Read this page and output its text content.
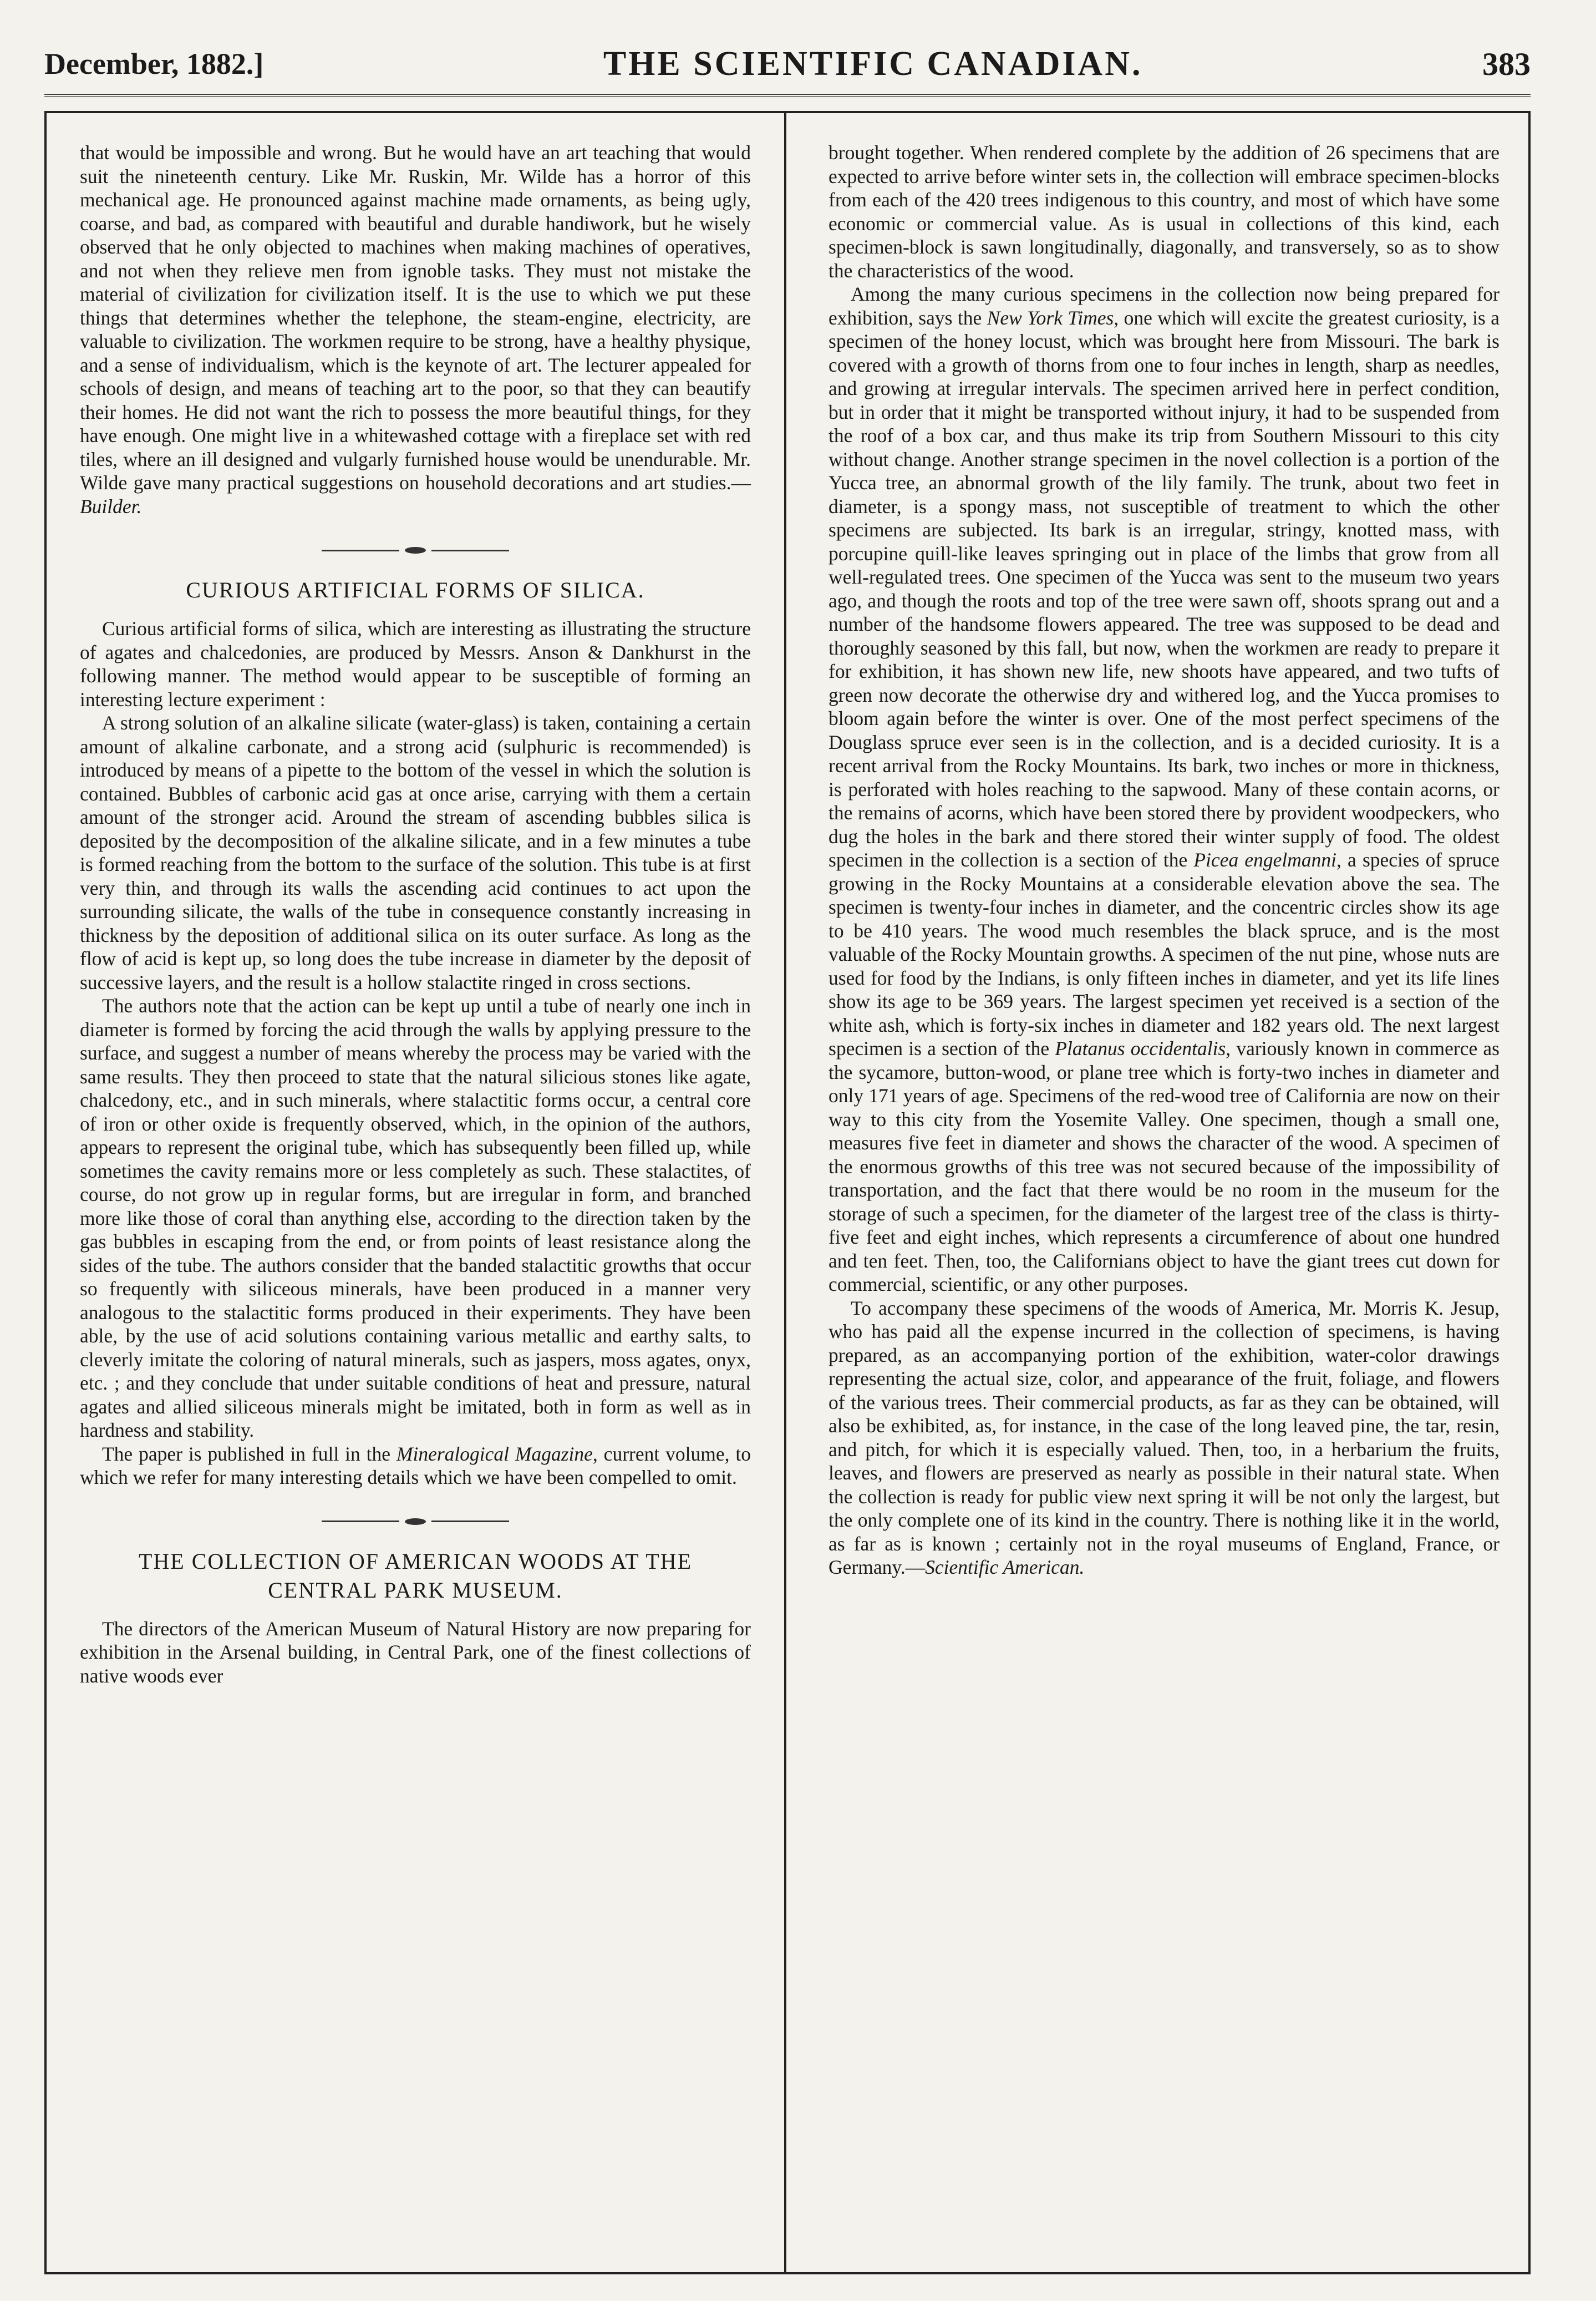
December, 1882.]	THE SCIENTIFIC CANADIAN.	383

that would be impossible and wrong. But he would have an art teaching that would suit the nineteenth century. Like Mr. Ruskin, Mr. Wilde has a horror of this mechanical age. He pronounced against machine made ornaments, as being ugly, coarse, and bad, as compared with beautiful and durable handiwork, but he wisely observed that he only objected to machines when making machines of operatives, and not when they relieve men from ignoble tasks. They must not mistake the material of civilization for civilization itself. It is the use to which we put these things that determines whether the telephone, the steam-engine, electricity, are valuable to civilization. The workmen require to be strong, have a healthy physique, and a sense of individualism, which is the keynote of art. The lecturer appealed for schools of design, and means of teaching art to the poor, so that they can beautify their homes. He did not want the rich to possess the more beautiful things, for they have enough. One might live in a whitewashed cottage with a fireplace set with red tiles, where an ill designed and vulgarly furnished house would be unendurable. Mr. Wilde gave many practical suggestions on household decorations and art studies.—Builder.

CURIOUS ARTIFICIAL FORMS OF SILICA.

Curious artificial forms of silica, which are interesting as illustrating the structure of agates and chalcedonies, are produced by Messrs. Anson & Dankhurst in the following manner. The method would appear to be susceptible of forming an interesting lecture experiment :

A strong solution of an alkaline silicate (water-glass) is taken, containing a certain amount of alkaline carbonate, and a strong acid (sulphuric is recommended) is introduced by means of a pipette to the bottom of the vessel in which the solution is contained. Bubbles of carbonic acid gas at once arise, carrying with them a certain amount of the stronger acid. Around the stream of ascending bubbles silica is deposited by the decomposition of the alkaline silicate, and in a few minutes a tube is formed reaching from the bottom to the surface of the solution. This tube is at first very thin, and through its walls the ascending acid continues to act upon the surrounding silicate, the walls of the tube in consequence constantly increasing in thickness by the deposition of additional silica on its outer surface. As long as the flow of acid is kept up, so long does the tube increase in diameter by the deposit of successive layers, and the result is a hollow stalactite ringed in cross sections.

The authors note that the action can be kept up until a tube of nearly one inch in diameter is formed by forcing the acid through the walls by applying pressure to the surface, and suggest a number of means whereby the process may be varied with the same results. They then proceed to state that the natural silicious stones like agate, chalcedony, etc., and in such minerals, where stalactitic forms occur, a central core of iron or other oxide is frequently observed, which, in the opinion of the authors, appears to represent the original tube, which has subsequently been filled up, while sometimes the cavity remains more or less completely as such. These stalactites, of course, do not grow up in regular forms, but are irregular in form, and branched more like those of coral than anything else, according to the direction taken by the gas bubbles in escaping from the end, or from points of least resistance along the sides of the tube. The authors consider that the banded stalactitic growths that occur so frequently with siliceous minerals, have been produced in a manner very analogous to the stalactitic forms produced in their experiments. They have been able, by the use of acid solutions containing various metallic and earthy salts, to cleverly imitate the coloring of natural minerals, such as jaspers, moss agates, onyx, etc. ; and they conclude that under suitable conditions of heat and pressure, natural agates and allied siliceous minerals might be imitated, both in form as well as in hardness and stability.

The paper is published in full in the Mineralogical Magazine, current volume, to which we refer for many interesting details which we have been compelled to omit.

THE COLLECTION OF AMERICAN WOODS AT THE
CENTRAL PARK MUSEUM.

The directors of the American Museum of Natural History are now preparing for exhibition in the Arsenal building, in Central Park, one of the finest collections of native woods ever

brought together. When rendered complete by the addition of 26 specimens that are expected to arrive before winter sets in, the collection will embrace specimen-blocks from each of the 420 trees indigenous to this country, and most of which have some economic or commercial value. As is usual in collections of this kind, each specimen-block is sawn longitudinally, diagonally, and transversely, so as to show the characteristics of the wood.

Among the many curious specimens in the collection now being prepared for exhibition, says the New York Times, one which will excite the greatest curiosity, is a specimen of the honey locust, which was brought here from Missouri. The bark is covered with a growth of thorns from one to four inches in length, sharp as needles, and growing at irregular intervals. The specimen arrived here in perfect condition, but in order that it might be transported without injury, it had to be suspended from the roof of a box car, and thus make its trip from Southern Missouri to this city without change. Another strange specimen in the novel collection is a portion of the Yucca tree, an abnormal growth of the lily family. The trunk, about two feet in diameter, is a spongy mass, not susceptible of treatment to which the other specimens are subjected. Its bark is an irregular, stringy, knotted mass, with porcupine quill-like leaves springing out in place of the limbs that grow from all well-regulated trees. One specimen of the Yucca was sent to the museum two years ago, and though the roots and top of the tree were sawn off, shoots sprang out and a number of the handsome flowers appeared. The tree was supposed to be dead and thoroughly seasoned by this fall, but now, when the workmen are ready to prepare it for exhibition, it has shown new life, new shoots have appeared, and two tufts of green now decorate the otherwise dry and withered log, and the Yucca promises to bloom again before the winter is over. One of the most perfect specimens of the Douglass spruce ever seen is in the collection, and is a decided curiosity. It is a recent arrival from the Rocky Mountains. Its bark, two inches or more in thickness, is perforated with holes reaching to the sapwood. Many of these contain acorns, or the remains of acorns, which have been stored there by provident woodpeckers, who dug the holes in the bark and there stored their winter supply of food. The oldest specimen in the collection is a section of the Picea engelmanni, a species of spruce growing in the Rocky Mountains at a considerable elevation above the sea. The specimen is twenty-four inches in diameter, and the concentric circles show its age to be 410 years. The wood much resembles the black spruce, and is the most valuable of the Rocky Mountain growths. A specimen of the nut pine, whose nuts are used for food by the Indians, is only fifteen inches in diameter, and yet its life lines show its age to be 369 years. The largest specimen yet received is a section of the white ash, which is forty-six inches in diameter and 182 years old. The next largest specimen is a section of the Platanus occidentalis, variously known in commerce as the sycamore, button-wood, or plane tree which is forty-two inches in diameter and only 171 years of age. Specimens of the red-wood tree of California are now on their way to this city from the Yosemite Valley. One specimen, though a small one, measures five feet in diameter and shows the character of the wood. A specimen of the enormous growths of this tree was not secured because of the impossibility of transportation, and the fact that there would be no room in the museum for the storage of such a specimen, for the diameter of the largest tree of the class is thirty-five feet and eight inches, which represents a circumference of about one hundred and ten feet. Then, too, the Californians object to have the giant trees cut down for commercial, scientific, or any other purposes.

To accompany these specimens of the woods of America, Mr. Morris K. Jesup, who has paid all the expense incurred in the collection of specimens, is having prepared, as an accompanying portion of the exhibition, water-color drawings representing the actual size, color, and appearance of the fruit, foliage, and flowers of the various trees. Their commercial products, as far as they can be obtained, will also be exhibited, as, for instance, in the case of the long leaved pine, the tar, resin, and pitch, for which it is especially valued. Then, too, in a herbarium the fruits, leaves, and flowers are preserved as nearly as possible in their natural state. When the collection is ready for public view next spring it will be not only the largest, but the only complete one of its kind in the country. There is nothing like it in the world, as far as is known ; certainly not in the royal museums of England, France, or Germany.—Scientific American.
